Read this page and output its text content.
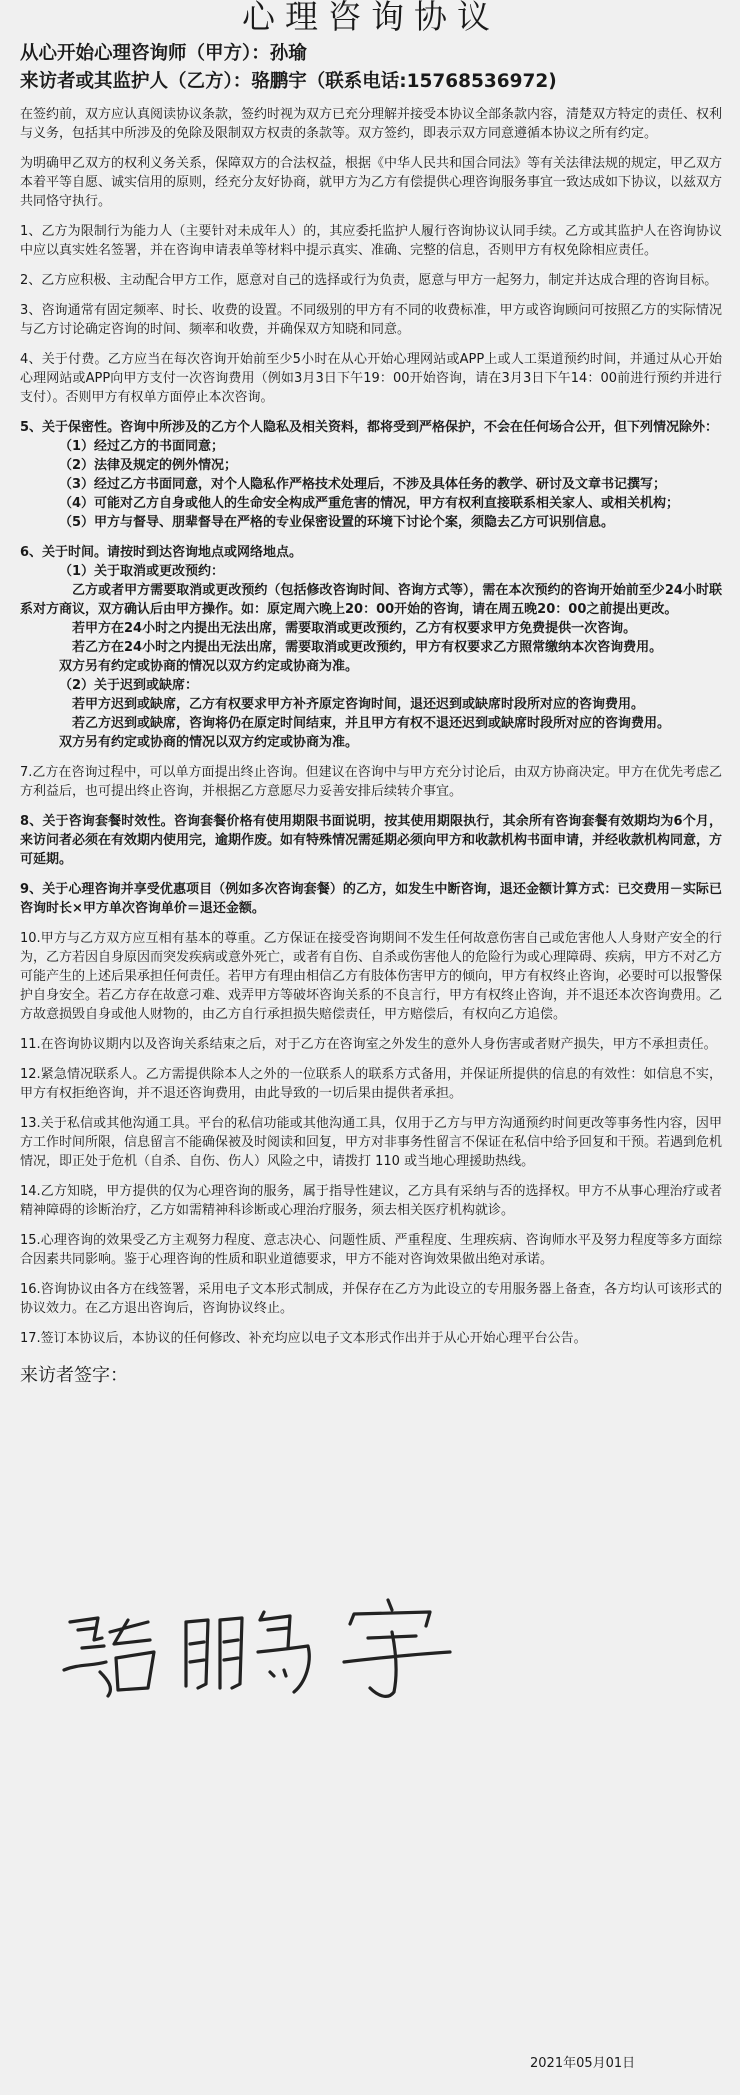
心理咨询协议
从心开始心理咨询师（甲方）：孙瑜
来访者或其监护人（乙方）：骆鹏宇（联系电话:15768536972)

在签约前，双方应认真阅读协议条款，签约时视为双方已充分理解并接受本协议全部条款内容，清楚双方特定的责任、权利与义务，包括其中所涉及的免除及限制双方权责的条款等。双方签约，即表示双方同意遵循本协议之所有约定。

为明确甲乙双方的权利义务关系，保障双方的合法权益，根据《中华人民共和国合同法》等有关法律法规的规定，甲乙双方本着平等自愿、诚实信用的原则，经充分友好协商，就甲方为乙方有偿提供心理咨询服务事宜一致达成如下协议，以兹双方共同恪守执行。

1、乙方为限制行为能力人（主要针对未成年人）的，其应委托监护人履行咨询协议认同手续。乙方或其监护人在咨询协议中应以真实姓名签署，并在咨询申请表单等材料中提示真实、准确、完整的信息，否则甲方有权免除相应责任。

2、乙方应积极、主动配合甲方工作，愿意对自己的选择或行为负责，愿意与甲方一起努力，制定并达成合理的咨询目标。

3、咨询通常有固定频率、时长、收费的设置。不同级别的甲方有不同的收费标准，甲方或咨询顾问可按照乙方的实际情况与乙方讨论确定咨询的时间、频率和收费，并确保双方知晓和同意。

4、关于付费。乙方应当在每次咨询开始前至少5小时在从心开始心理网站或APP上或人工渠道预约时间，并通过从心开始心理网站或APP向甲方支付一次咨询费用（例如3月3日下午19：00开始咨询，请在3月3日下午14：00前进行预约并进行支付）。否则甲方有权单方面停止本次咨询。

5、关于保密性。咨询中所涉及的乙方个人隐私及相关资料，都将受到严格保护，不会在任何场合公开，但下列情况除外：

（1）经过乙方的书面同意；

（2）法律及规定的例外情况；

（3）经过乙方书面同意，对个人隐私作严格技术处理后，不涉及具体任务的教学、研讨及文章书记撰写；

（4）可能对乙方自身或他人的生命安全构成严重危害的情况，甲方有权利直接联系相关家人、或相关机构；

（5）甲方与督导、朋辈督导在严格的专业保密设置的环境下讨论个案，须隐去乙方可识别信息。

6、关于时间。请按时到达咨询地点或网络地点。

（1）关于取消或更改预约：

乙方或者甲方需要取消或更改预约（包括修改咨询时间、咨询方式等），需在本次预约的咨询开始前至少24小时联系对方商议，双方确认后由甲方操作。如：原定周六晚上20：00开始的咨询，请在周五晚20：00之前提出更改。

若甲方在24小时之内提出无法出席，需要取消或更改预约，乙方有权要求甲方免费提供一次咨询。

若乙方在24小时之内提出无法出席，需要取消或更改预约，甲方有权要求乙方照常缴纳本次咨询费用。

双方另有约定或协商的情况以双方约定或协商为准。

（2）关于迟到或缺席：

若甲方迟到或缺席，乙方有权要求甲方补齐原定咨询时间，退还迟到或缺席时段所对应的咨询费用。

若乙方迟到或缺席，咨询将仍在原定时间结束，并且甲方有权不退还迟到或缺席时段所对应的咨询费用。

双方另有约定或协商的情况以双方约定或协商为准。

7.乙方在咨询过程中，可以单方面提出终止咨询。但建议在咨询中与甲方充分讨论后，由双方协商决定。甲方在优先考虑乙方利益后，也可提出终止咨询，并根据乙方意愿尽力妥善安排后续转介事宜。

8、关于咨询套餐时效性。咨询套餐价格有使用期限书面说明，按其使用期限执行，其余所有咨询套餐有效期均为6个月，来访问者必须在有效期内使用完，逾期作废。如有特殊情况需延期必须向甲方和收款机构书面申请，并经收款机构同意，方可延期。

9、关于心理咨询并享受优惠项目（例如多次咨询套餐）的乙方，如发生中断咨询，退还金额计算方式：已交费用－实际已咨询时长×甲方单次咨询单价＝退还金额。

10.甲方与乙方双方应互相有基本的尊重。乙方保证在接受咨询期间不发生任何故意伤害自己或危害他人人身财产安全的行为，乙方若因自身原因而突发疾病或意外死亡，或者有自伤、自杀或伤害他人的危险行为或心理障碍、疾病，甲方不对乙方可能产生的上述后果承担任何责任。若甲方有理由相信乙方有肢体伤害甲方的倾向，甲方有权终止咨询，必要时可以报警保护自身安全。若乙方存在故意刁难、戏弄甲方等破坏咨询关系的不良言行，甲方有权终止咨询，并不退还本次咨询费用。乙方故意损毁自身或他人财物的，由乙方自行承担损失赔偿责任，甲方赔偿后，有权向乙方追偿。

11.在咨询协议期内以及咨询关系结束之后，对于乙方在咨询室之外发生的意外人身伤害或者财产损失，甲方不承担责任。

12.紧急情况联系人。乙方需提供除本人之外的一位联系人的联系方式备用，并保证所提供的信息的有效性：如信息不实，甲方有权拒绝咨询，并不退还咨询费用，由此导致的一切后果由提供者承担。

13.关于私信或其他沟通工具。平台的私信功能或其他沟通工具，仅用于乙方与甲方沟通预约时间更改等事务性内容，因甲方工作时间所限，信息留言不能确保被及时阅读和回复，甲方对非事务性留言不保证在私信中给予回复和干预。若遇到危机情况，即正处于危机（自杀、自伤、伤人）风险之中，请拨打 110 或当地心理援助热线。

14.乙方知晓，甲方提供的仅为心理咨询的服务，属于指导性建议，乙方具有采纳与否的选择权。甲方不从事心理治疗或者精神障碍的诊断治疗，乙方如需精神科诊断或心理治疗服务，须去相关医疗机构就诊。

15.心理咨询的效果受乙方主观努力程度、意志决心、问题性质、严重程度、生理疾病、咨询师水平及努力程度等多方面综合因素共同影响。鉴于心理咨询的性质和职业道德要求，甲方不能对咨询效果做出绝对承诺。

16.咨询协议由各方在线签署，采用电子文本形式制成，并保存在乙方为此设立的专用服务器上备查，各方均认可该形式的协议效力。在乙方退出咨询后，咨询协议终止。

17.签订本协议后，本协议的任何修改、补充均应以电子文本形式作出并于从心开始心理平台公告。

来访者签字：
2021年05月01日
